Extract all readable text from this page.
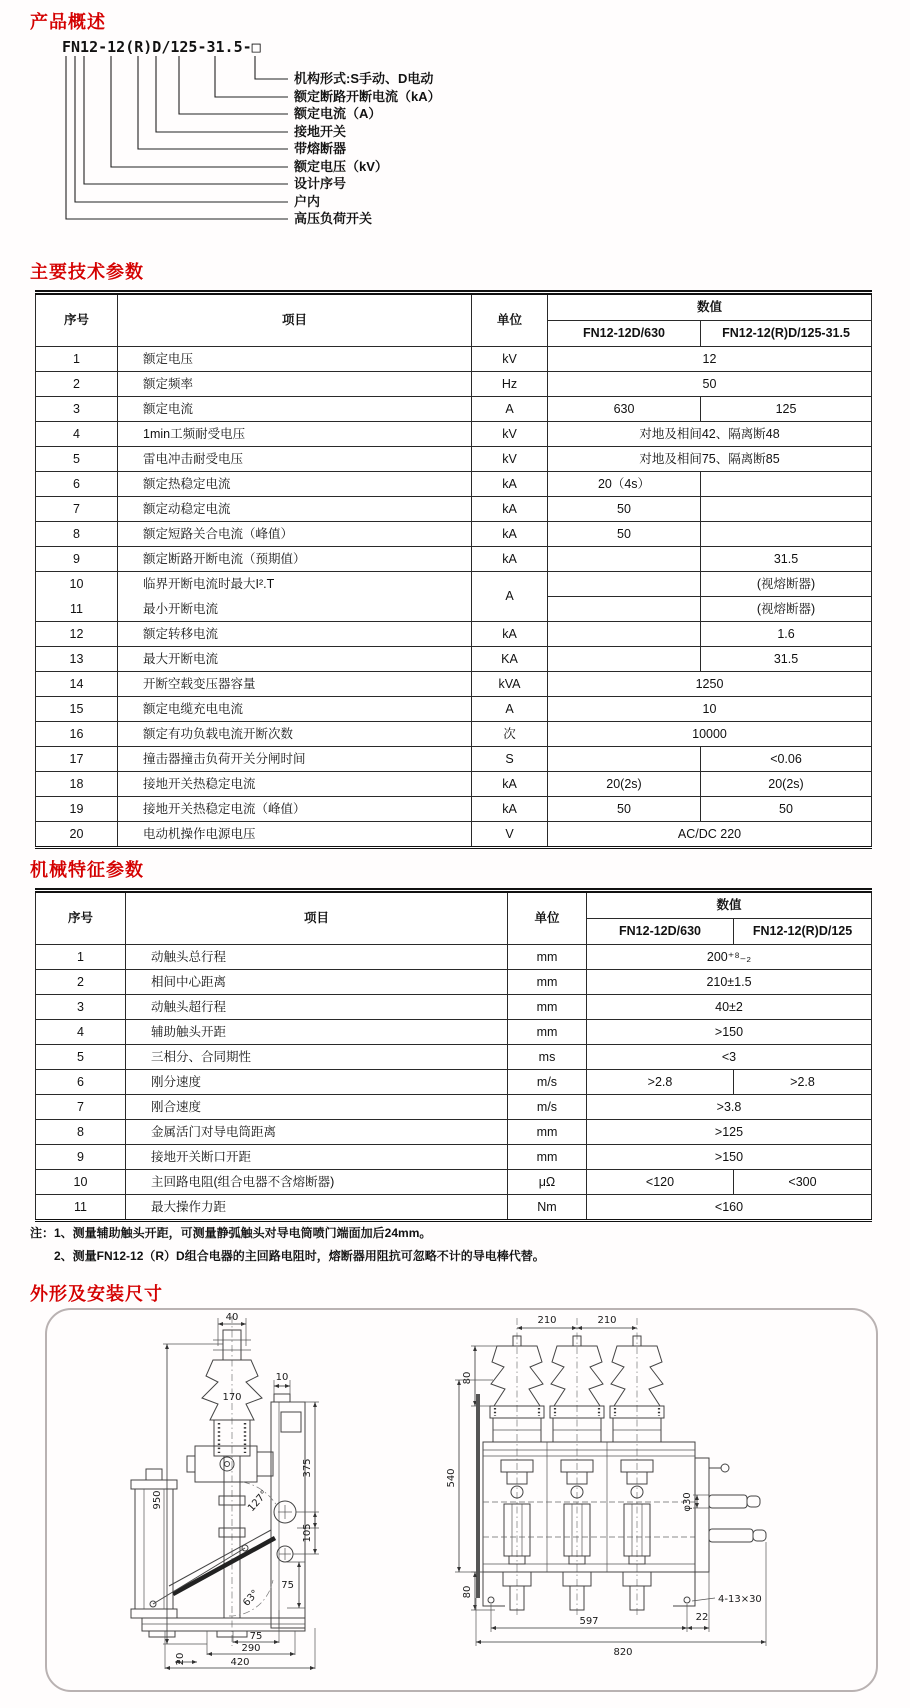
产品概述
FN12-12(R)D/125-31.5-□
机构形式:S手动、D电动
额定断路开断电流（kA）
额定电流（A）
接地开关
带熔断器
额定电压（kV）
设计序号
户内
高压负荷开关
主要技术参数
序号	项目	单位	数值	
			FN12-12D/630	FN12-12(R)D/125-31.5
1	额定电压	kV	12	
2	额定频率	Hz	50	
3	额定电流	A	630	125
4	1min工频耐受电压	kV	对地及相间42、隔离断48	
5	雷电冲击耐受电压	kV	对地及相间75、隔离断85	
6	额定热稳定电流	kA	20（4s）	
7	额定动稳定电流	kA	50	
8	额定短路关合电流（峰值）	kA	50	
9	额定断路开断电流（预期值）	kA		31.5
10	临界开断电流时最大I².T	A		(视熔断器)
11	最小开断电流			(视熔断器)
12	额定转移电流	kA		1.6
13	最大开断电流	KA		31.5
14	开断空载变压器容量	kVA	1250	
15	额定电缆充电电流	A	10	
16	额定有功负载电流开断次数	次	10000	
17	撞击器撞击负荷开关分闸时间	S		<0.06
18	接地开关热稳定电流	kA	20(2s)	20(2s)
19	接地开关热稳定电流（峰值）	kA	50	50
20	电动机操作电源电压	V	AC/DC 220	
机械特征参数
序号	项目	单位	数值	
			FN12-12D/630	FN12-12(R)D/125
1	动触头总行程	mm	200⁺⁸₋₂	
2	相间中心距离	mm	210±1.5	
3	动触头超行程	mm	40±2	
4	辅助触头开距	mm	>150	
5	三相分、合同期性	ms	<3	
6	刚分速度	m/s	>2.8	>2.8
7	刚合速度	m/s	>3.8	
8	金属活门对导电筒距离	mm	>125	
9	接地开关断口开距	mm	>150	
10	主回路电阻(组合电器不含熔断器)	μΩ	<120	<300
11	最大操作力距	Nm	<160	
注：1、测量辅助触头开距，可测量静弧触头对导电筒喷门端面加后24mm。
2、测量FN12-12（R）D组合电器的主回路电阻时，熔断器用阻抗可忽略不计的导电棒代替。
外形及安装尺寸
40
170
950
10
375
105
127°
63°
75
75
290
20	420
210	210
80
540
φ30
80
4-13×30
597	22
820
